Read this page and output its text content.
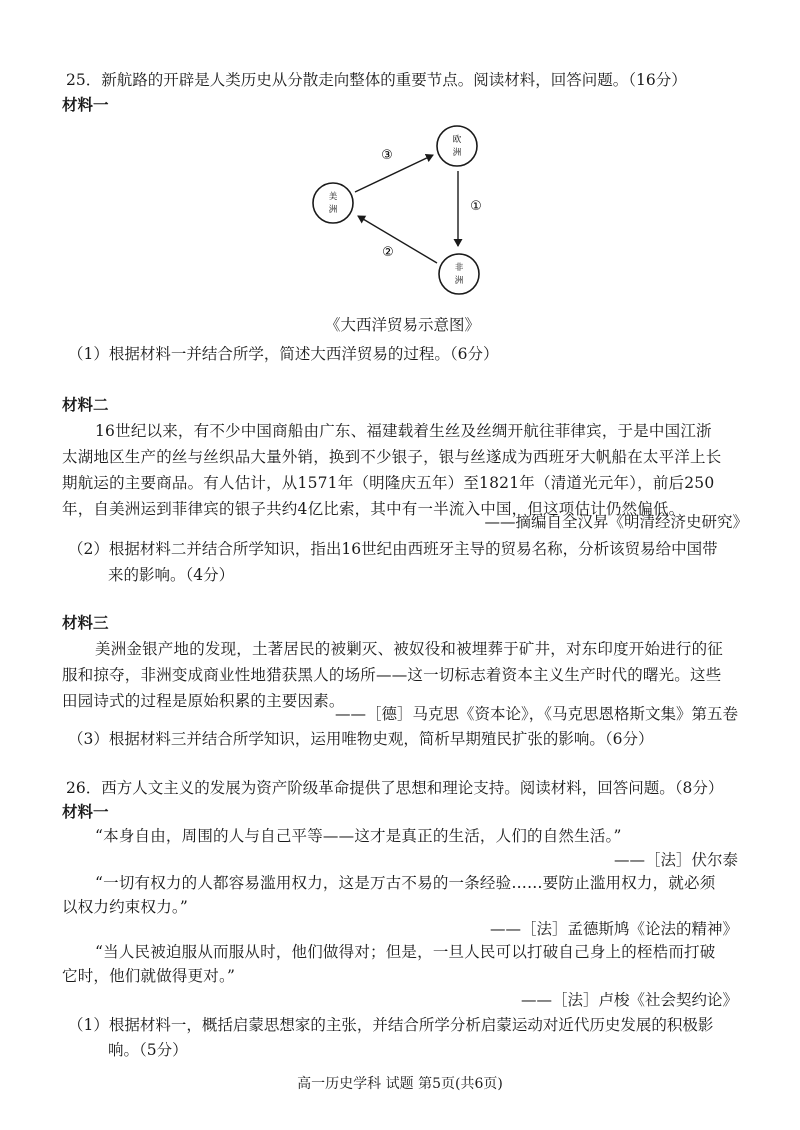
25．新航路的开辟是人类历史从分散走向整体的重要节点。阅读材料，回答问题。（16分）
材料一
欧
洲
美
洲
非
洲
③
①
②
《大西洋贸易示意图》
（1）根据材料一并结合所学，简述大西洋贸易的过程。（6分）
材料二
16世纪以来，有不少中国商船由广东、福建载着生丝及丝绸开航往菲律宾，于是中国江浙
太湖地区生产的丝与丝织品大量外销，换到不少银子，银与丝遂成为西班牙大帆船在太平洋上长
期航运的主要商品。有人估计，从1571年（明隆庆五年）至1821年（清道光元年），前后250
年，自美洲运到菲律宾的银子共约4亿比索，其中有一半流入中国，但这项估计仍然偏低。
——摘编自全汉昇《明清经济史研究》
（2）根据材料二并结合所学知识，指出16世纪由西班牙主导的贸易名称，分析该贸易给中国带
来的影响。（4分）
材料三
美洲金银产地的发现，土著居民的被剿灭、被奴役和被埋葬于矿井，对东印度开始进行的征
服和掠夺，非洲变成商业性地猎获黑人的场所——这一切标志着资本主义生产时代的曙光。这些
田园诗式的过程是原始积累的主要因素。
——［德］马克思《资本论》，《马克思恩格斯文集》第五卷
（3）根据材料三并结合所学知识，运用唯物史观，简析早期殖民扩张的影响。（6分）
26．西方人文主义的发展为资产阶级革命提供了思想和理论支持。阅读材料，回答问题。（8分）
材料一
“本身自由，周围的人与自己平等——这才是真正的生活，人们的自然生活。”
——［法］伏尔泰
“一切有权力的人都容易滥用权力，这是万古不易的一条经验……要防止滥用权力，就必须
以权力约束权力。”
——［法］孟德斯鸠《论法的精神》
“当人民被迫服从而服从时，他们做得对；但是，一旦人民可以打破自己身上的桎梏而打破
它时，他们就做得更对。”
——［法］卢梭《社会契约论》
（1）根据材料一，概括启蒙思想家的主张，并结合所学分析启蒙运动对近代历史发展的积极影
响。（5分）
高一历史学科 试题 第5页(共6页)
